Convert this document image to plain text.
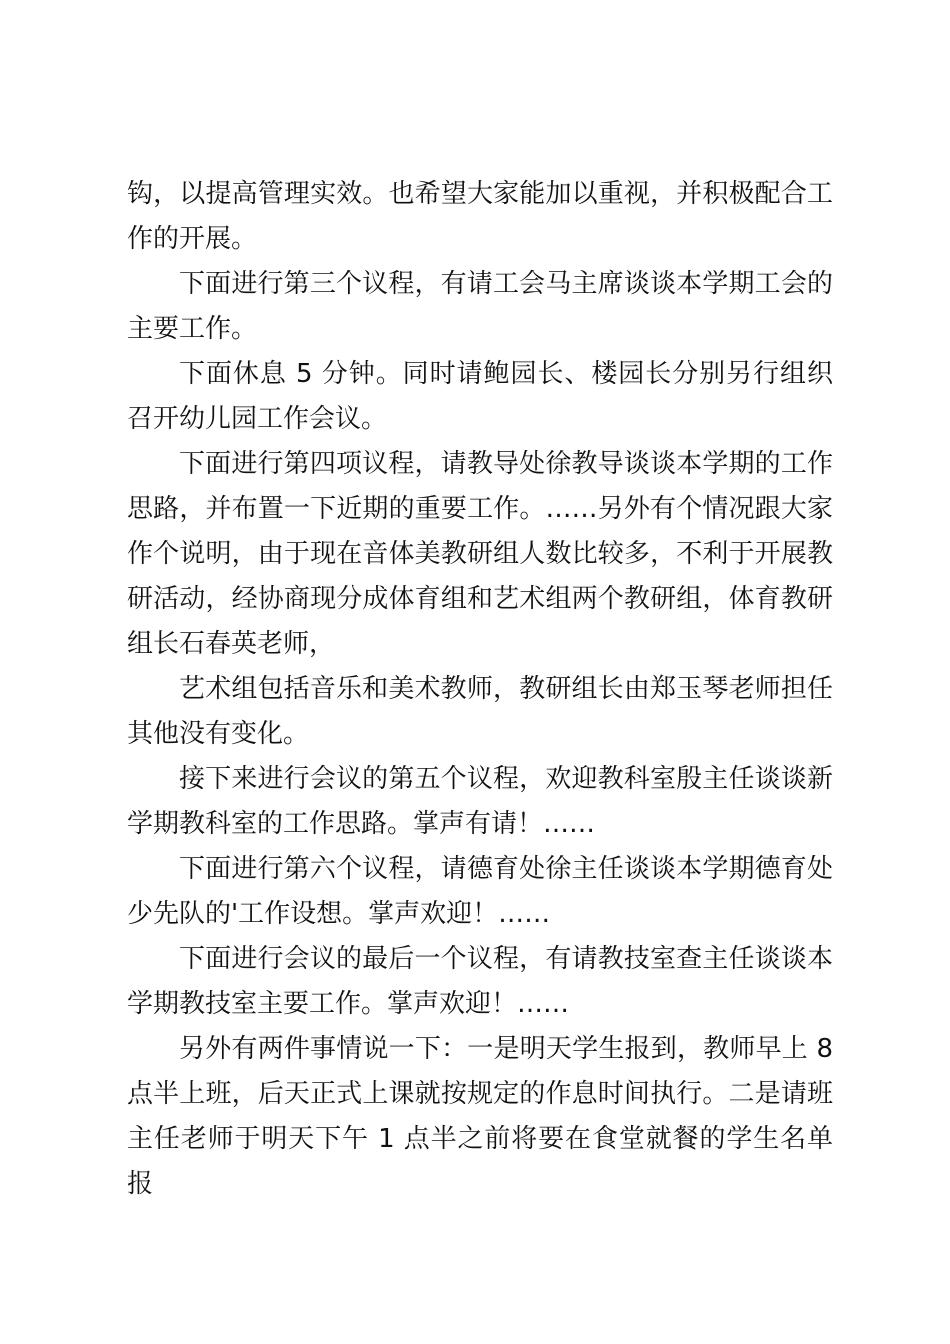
钩，以提高管理实效。也希望大家能加以重视，并积极配合工作的开展。

下面进行第三个议程，有请工会马主席谈谈本学期工会的主要工作。

下面休息 5 分钟。同时请鲍园长、楼园长分别另行组织召开幼儿园工作会议。

下面进行第四项议程，请教导处徐教导谈谈本学期的工作思路，并布置一下近期的重要工作。……另外有个情况跟大家作个说明，由于现在音体美教研组人数比较多，不利于开展教研活动，经协商现分成体育组和艺术组两个教研组，体育教研组长石春英老师，

艺术组包括音乐和美术教师，教研组长由郑玉琴老师担任其他没有变化。

接下来进行会议的第五个议程，欢迎教科室殷主任谈谈新学期教科室的工作思路。掌声有请！……

下面进行第六个议程，请德育处徐主任谈谈本学期德育处少先队的'工作设想。掌声欢迎！……

下面进行会议的最后一个议程，有请教技室查主任谈谈本学期教技室主要工作。掌声欢迎！……

另外有两件事情说一下：一是明天学生报到，教师早上 8 点半上班，后天正式上课就按规定的作息时间执行。二是请班主任老师于明天下午 1 点半之前将要在食堂就餐的学生名单报
